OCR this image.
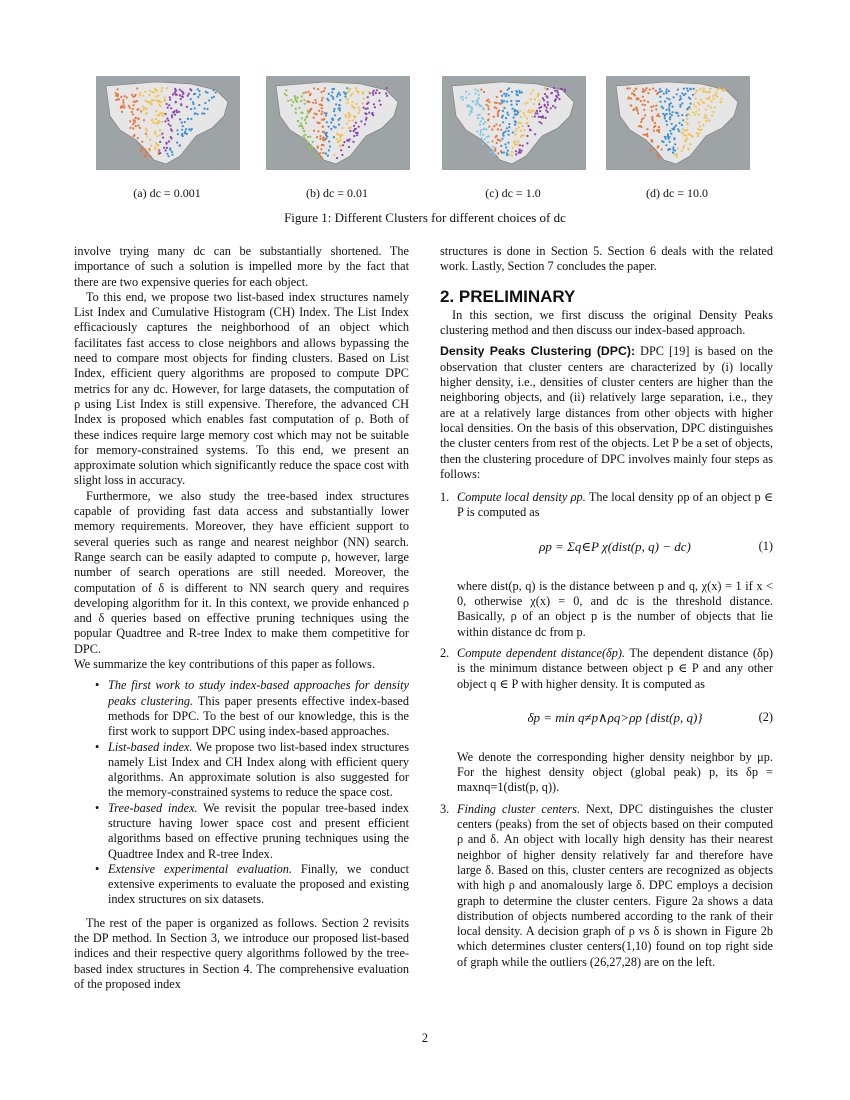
(a) dc = 0.001	(b) dc = 0.01	(c) dc = 1.0	(d) dc = 10.0
Figure 1: Different Clusters for different choices of dc

involve trying many dc can be substantially shortened. The importance of such a solution is impelled more by the fact that there are two expensive queries for each object.

To this end, we propose two list-based index structures namely List Index and Cumulative Histogram (CH) Index. The List Index efficaciously captures the neighborhood of an object which facilitates fast access to close neighbors and allows bypassing the need to compare most objects for finding clusters. Based on List Index, efficient query algorithms are proposed to compute DPC metrics for any dc. However, for large datasets, the computation of ρ using List Index is still expensive. Therefore, the advanced CH Index is proposed which enables fast computation of ρ. Both of these indices require large memory cost which may not be suitable for memory-constrained systems. To this end, we present an approximate solution which significantly reduce the space cost with slight loss in accuracy.

Furthermore, we also study the tree-based index structures capable of providing fast data access and substantially lower memory requirements. Moreover, they have efficient support to several queries such as range and nearest neighbor (NN) search. Range search can be easily adapted to compute ρ, however, large number of search operations are still needed. Moreover, the computation of δ is different to NN search query and requires developing algorithm for it. In this context, we provide enhanced ρ and δ queries based on effective pruning techniques using the popular Quadtree and R-tree Index to make them competitive for DPC.

We summarize the key contributions of this paper as follows.

• The first work to study index-based approaches for density peaks clustering. This paper presents effective index-based methods for DPC. To the best of our knowledge, this is the first work to support DPC using index-based approaches.
• List-based index. We propose two list-based index structures namely List Index and CH Index along with efficient query algorithms. An approximate solution is also suggested for the memory-constrained systems to reduce the space cost.
• Tree-based index. We revisit the popular tree-based index structure having lower space cost and present efficient algorithms based on effective pruning techniques using the Quadtree Index and R-tree Index.
• Extensive experimental evaluation. Finally, we conduct extensive experiments to evaluate the proposed and existing index structures on six datasets.

The rest of the paper is organized as follows. Section 2 revisits the DP method. In Section 3, we introduce our proposed list-based indices and their respective query algorithms followed by the tree-based index structures in Section 4. The comprehensive evaluation of the proposed index

structures is done in Section 5. Section 6 deals with the related work. Lastly, Section 7 concludes the paper.

2. PRELIMINARY

In this section, we first discuss the original Density Peaks clustering method and then discuss our index-based approach.

Density Peaks Clustering (DPC): DPC [19] is based on the observation that cluster centers are characterized by (i) locally higher density, i.e., densities of cluster centers are higher than the neighboring objects, and (ii) relatively large separation, i.e., they are at a relatively large distances from other objects with higher local densities. On the basis of this observation, DPC distinguishes the cluster centers from rest of the objects. Let P be a set of objects, then the clustering procedure of DPC involves mainly four steps as follows:

1. Compute local density ρp. The local density ρp of an object p ∈ P is computed as
ρp = Σq∈P χ(dist(p, q) − dc)	(1)
where dist(p, q) is the distance between p and q, χ(x) = 1 if x < 0, otherwise χ(x) = 0, and dc is the threshold distance. Basically, ρ of an object p is the number of objects that lie within distance dc from p.
2. Compute dependent distance(δp). The dependent distance (δp) is the minimum distance between object p ∈ P and any other object q ∈ P with higher density. It is computed as
δp = min q≠p∧ρq>ρp {dist(p, q)}	(2)
We denote the corresponding higher density neighbor by μp. For the highest density object (global peak) p, its δp = maxnq=1(dist(p, q)).
3. Finding cluster centers. Next, DPC distinguishes the cluster centers (peaks) from the set of objects based on their computed ρ and δ. An object with locally high density has their nearest neighbor of higher density relatively far and therefore have large δ. Based on this, cluster centers are recognized as objects with high ρ and anomalously large δ. DPC employs a decision graph to determine the cluster centers. Figure 2a shows a data distribution of objects numbered according to the rank of their local density. A decision graph of ρ vs δ is shown in Figure 2b which determines cluster centers(1,10) found on top right side of graph while the outliers (26,27,28) are on the left.
2
